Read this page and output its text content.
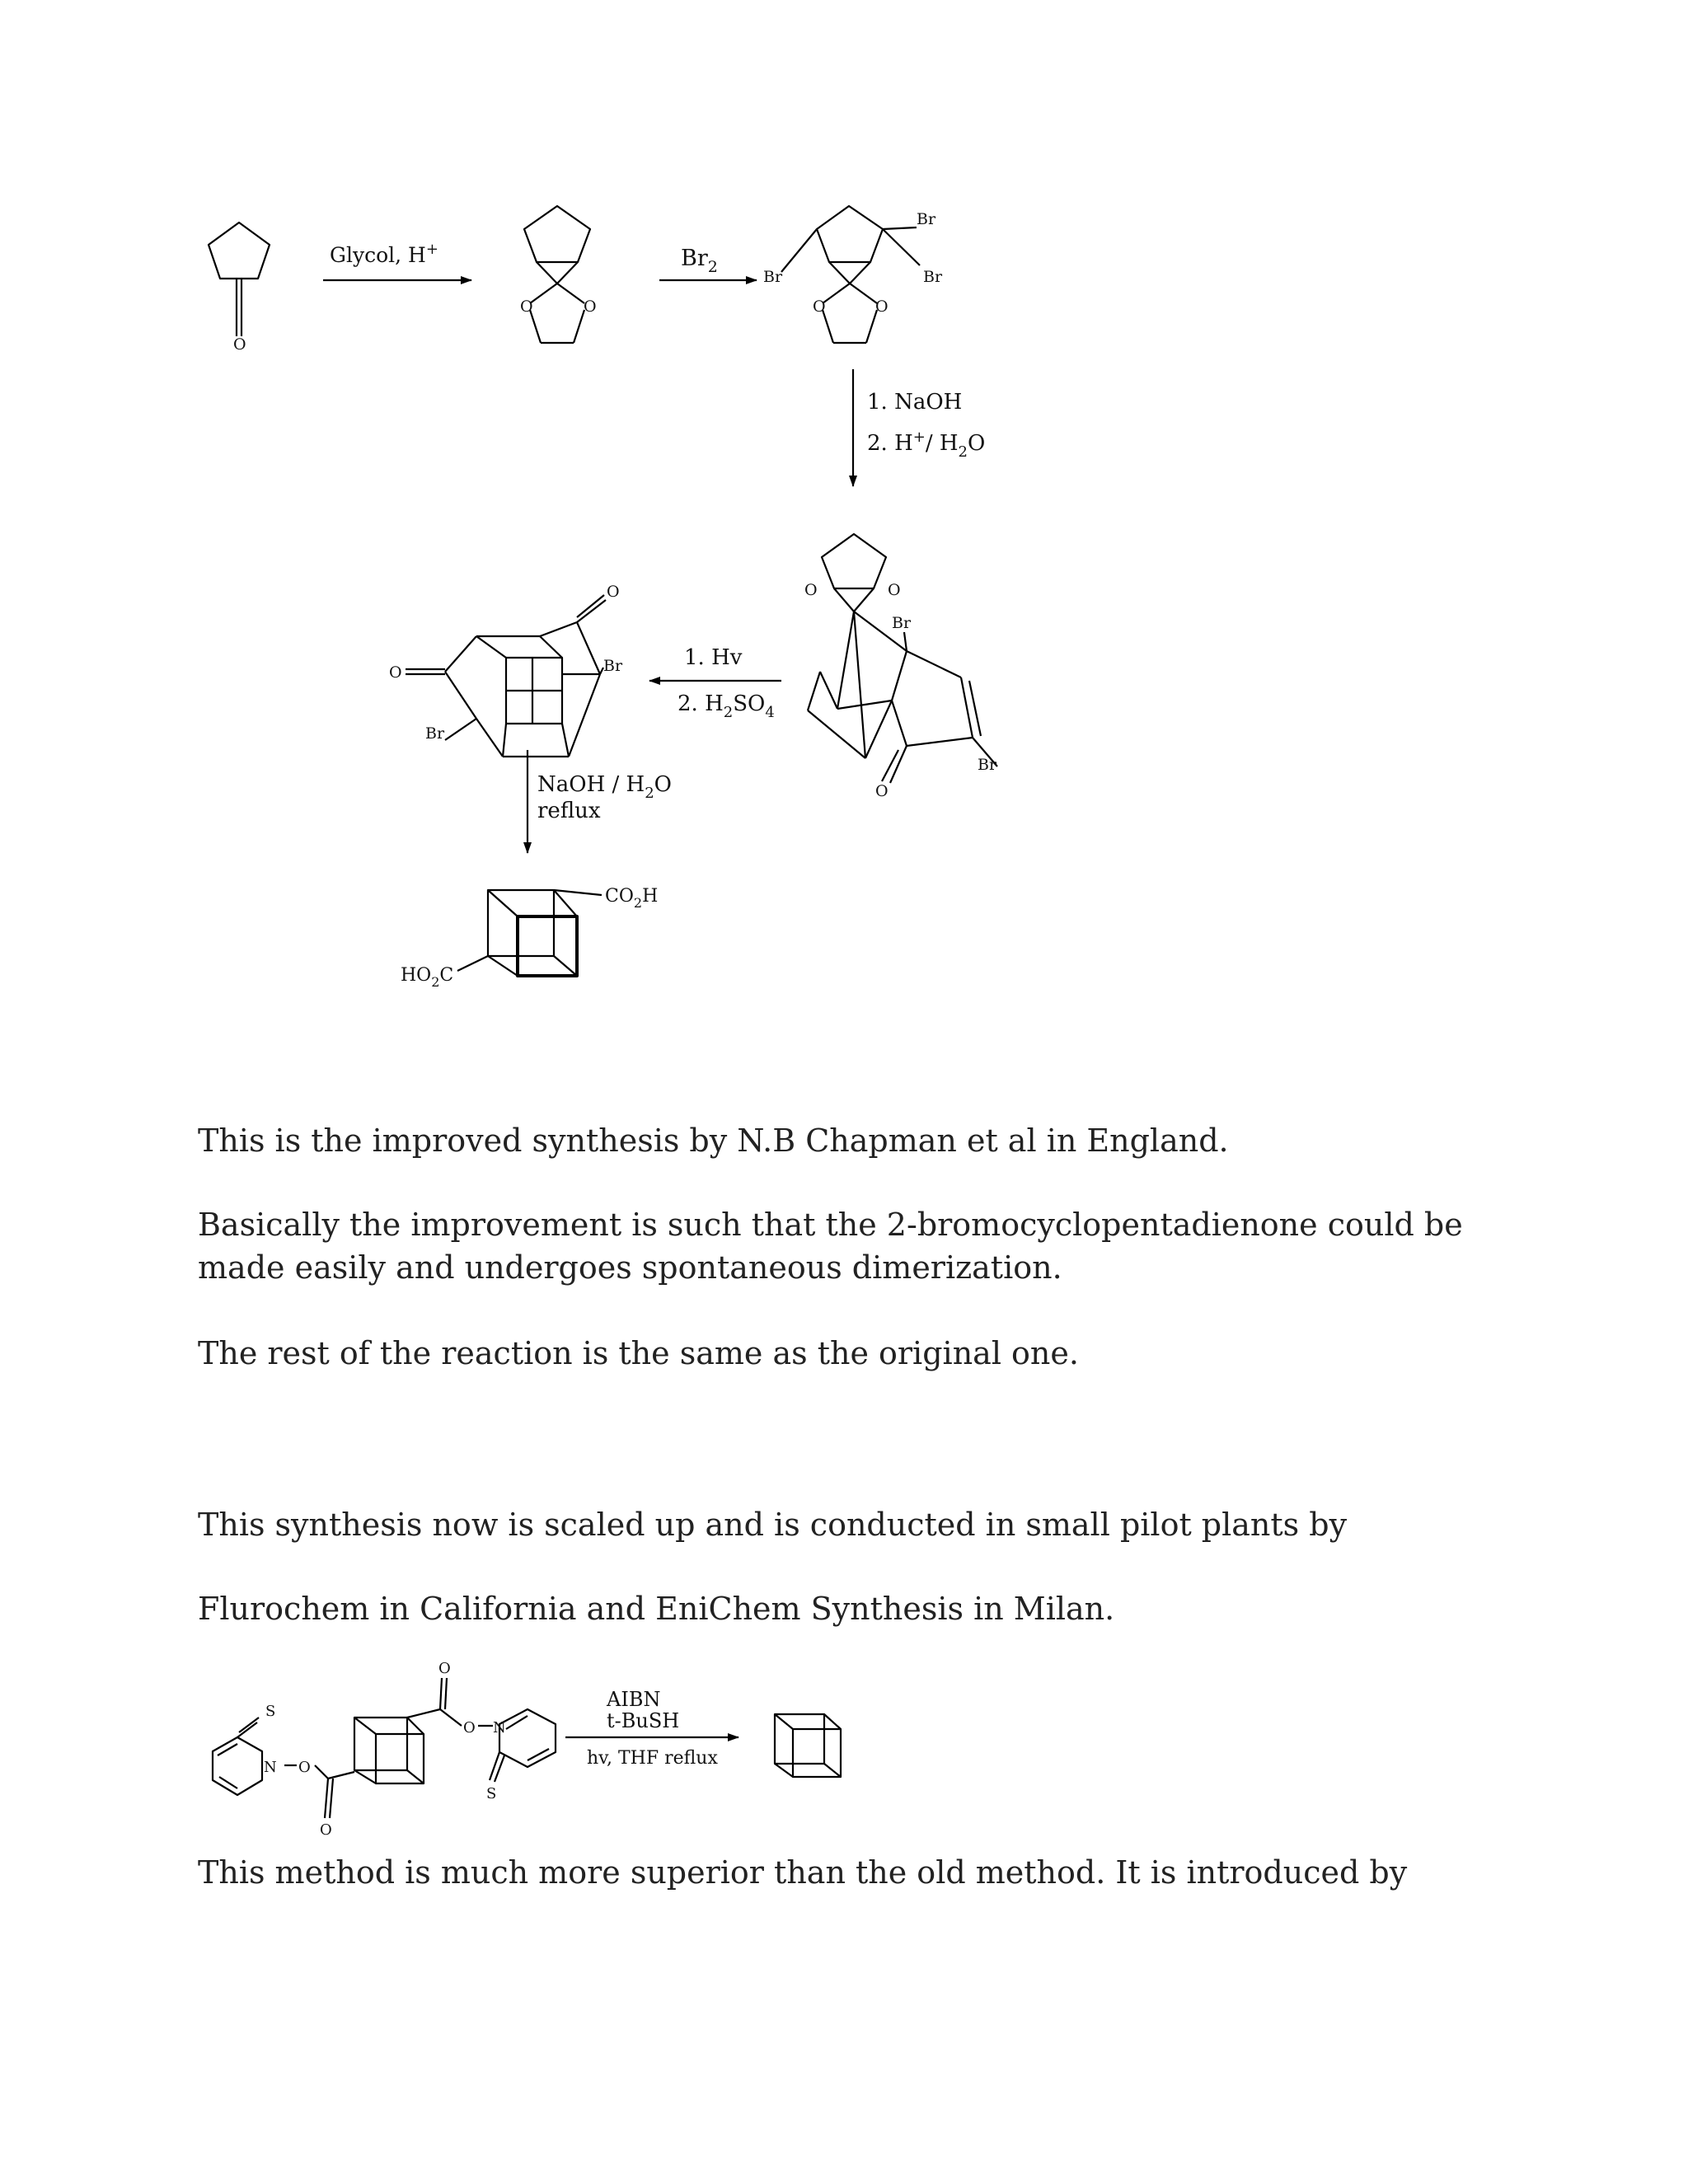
Glycol, H+	$Br_2$
1. NaOH
2. H+/ $H_2O$
1. Hv
2. $H_2SO_4$
NaOH / $H_2O$
reflux
O
O	O	O	O
Br
Br
Br
O	O
Br
Br
O
O
O
Br
Br
$CO_2H$
$HO_2C$

This is the improved synthesis by N.B Chapman et al in England.

Basically the improvement is such that the 2-bromocyclopentadienone could be made easily and undergoes spontaneous dimerization.

The rest of the reaction is the same as the original one.

This synthesis now is scaled up and is conducted in small pilot plants by

Flurochem in California and EniChem Synthesis in Milan.

S
N O
O
O
O N
S
AIBN
t-BuSH
hv, THF reflux

This method is much more superior than the old method. It is introduced by
